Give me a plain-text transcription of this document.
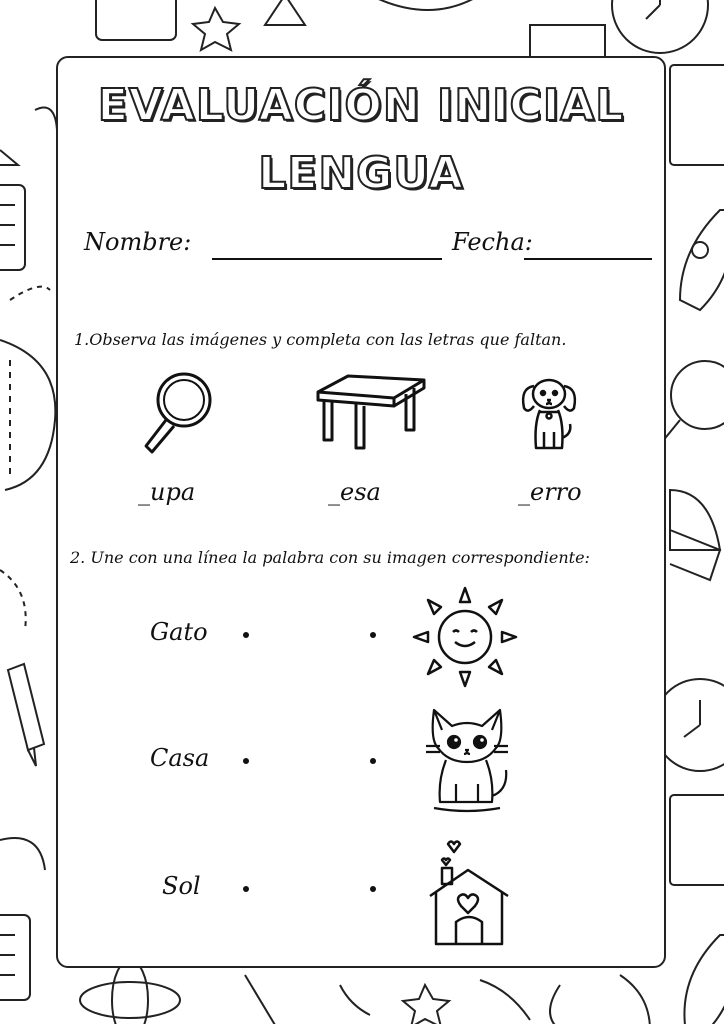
EVALUACIÓN INICIAL
LENGUA
Nombre:	Fecha:
1.Observa las imágenes y completa con las letras que faltan.
_upa	_esa	_erro
2. Une con una línea la palabra con su imagen correspondiente:
Gato
Casa
Sol
